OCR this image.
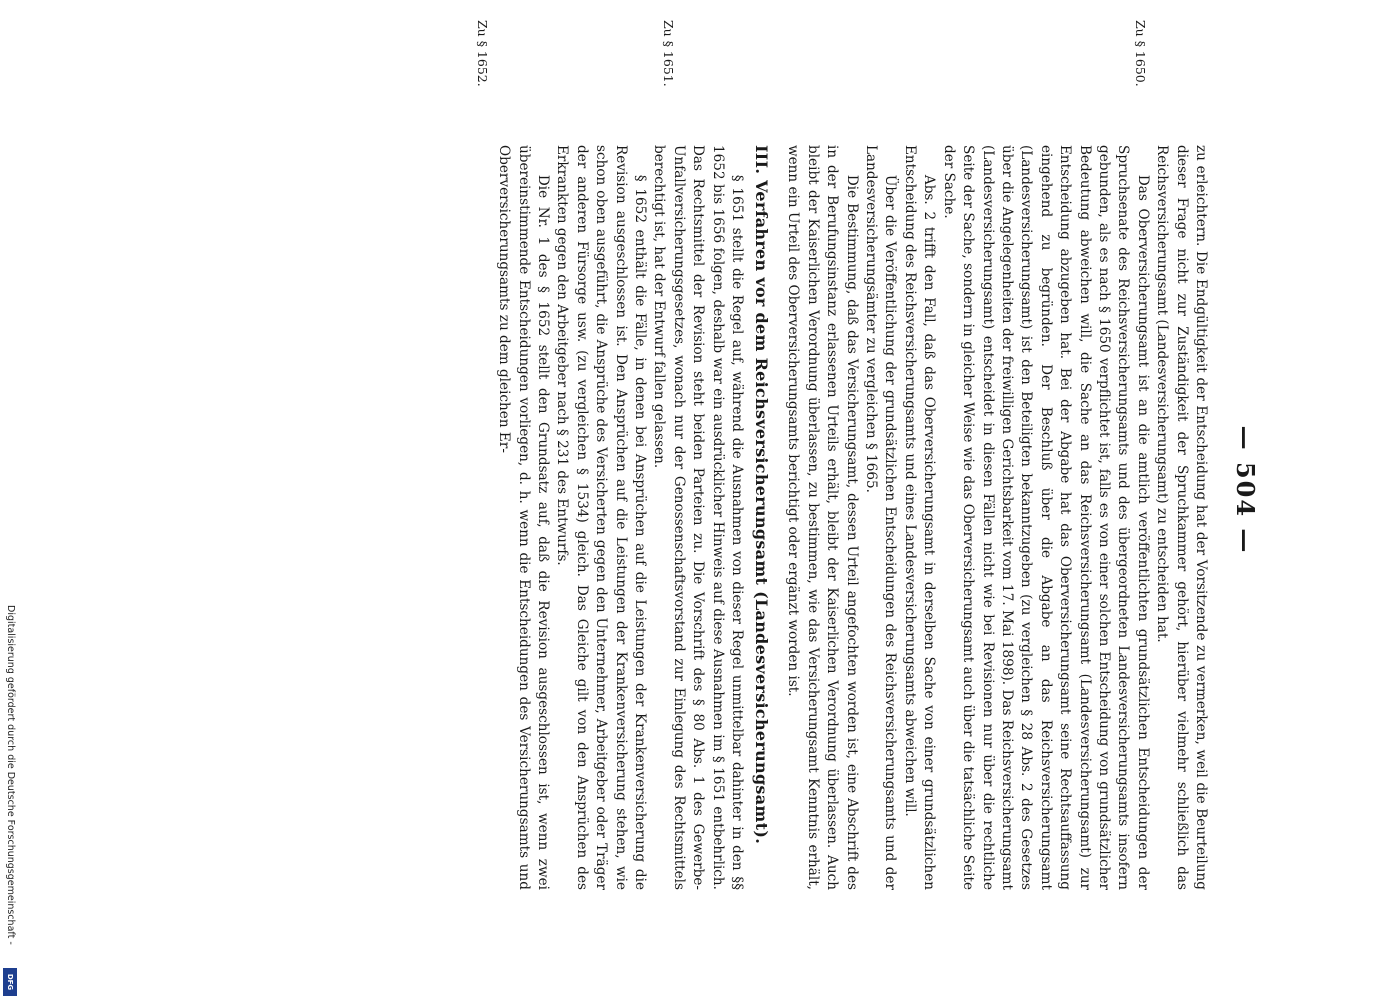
Digitalisierung gefördert durch die Deutsche Forschungsgemeinschaft -
DFG
— 504 —
Zu § 1650.
Zu § 1651.
Zu § 1652.

zu erleichtern. Die Endgültigkeit der Entscheidung hat der Vorsitzende zu vermerken, weil die Beurteilung dieser Frage nicht zur Zuständigkeit der Spruchkammer gehört, hierüber vielmehr schließlich das Reichsversicherungsamt (Landesversicherungsamt) zu entscheiden hat.

Das Oberversicherungsamt ist an die amtlich veröffentlichten grundsätzlichen Entscheidungen der Spruchsenate des Reichsversicherungsamts und des übergeordneten Landesversicherungsamts insofern gebunden, als es nach § 1650 verpflichtet ist, falls es von einer solchen Entscheidung von grundsätzlicher Bedeutung abweichen will, die Sache an das Reichsversicherungsamt (Landesversicherungsamt) zur Entscheidung abzugeben hat. Bei der Abgabe hat das Oberversicherungsamt seine Rechtsauffassung eingehend zu begründen. Der Beschluß über die Abgabe an das Reichsversicherungsamt (Landesversicherungsamt) ist den Beteiligten bekanntzugeben (zu vergleichen § 28 Abs. 2 des Gesetzes über die Angelegenheiten der freiwilligen Gerichtsbarkeit vom 17. Mai 1898). Das Reichsversicherungsamt (Landesversicherungsamt) entscheidet in diesen Fällen nicht wie bei Revisionen nur über die rechtliche Seite der Sache, sondern in gleicher Weise wie das Oberversicherungsamt auch über die tatsächliche Seite der Sache.

Abs. 2 trifft den Fall, daß das Oberversicherungsamt in derselben Sache von einer grundsätzlichen Entscheidung des Reichsversicherungsamts und eines Landesversicherungsamts abweichen will.

Über die Veröffentlichung der grundsätzlichen Entscheidungen des Reichsversicherungsamts und der Landesversicherungsämter zu vergleichen § 1665.

Die Bestimmung, daß das Versicherungsamt, dessen Urteil angefochten worden ist, eine Abschrift des in der Berufungsinstanz erlassenen Urteils erhält, bleibt der Kaiserlichen Verordnung überlassen. Auch bleibt der Kaiserlichen Verordnung überlassen, zu bestimmen, wie das Versicherungsamt Kenntnis erhält, wenn ein Urteil des Oberversicherungsamts berichtigt oder ergänzt worden ist.

III. Verfahren vor dem Reichsversicherungsamt (Landesversicherungsamt).

§ 1651 stellt die Regel auf, während die Ausnahmen von dieser Regel unmittelbar dahinter in den §§ 1652 bis 1656 folgen, deshalb war ein ausdrücklicher Hinweis auf diese Ausnahmen im § 1651 entbehrlich. Das Rechtsmittel der Revision steht beiden Parteien zu. Die Vorschrift des § 80 Abs. 1 des Gewerbe-Unfallversicherungsgesetzes, wonach nur der Genossenschaftsvorstand zur Einlegung des Rechtsmittels berechtigt ist, hat der Entwurf fallen gelassen.

§ 1652 enthält die Fälle, in denen bei Ansprüchen auf die Leistungen der Krankenversicherung die Revision ausgeschlossen ist. Den Ansprüchen auf die Leistungen der Krankenversicherung stehen, wie schon oben ausgeführt, die Ansprüche des Versicherten gegen den Unternehmer, Arbeitgeber oder Träger der anderen Fürsorge usw. (zu vergleichen § 1534) gleich. Das Gleiche gilt von den Ansprüchen des Erkrankten gegen den Arbeitgeber nach § 231 des Entwurfs.

Die Nr. 1 des § 1652 stellt den Grundsatz auf, daß die Revision ausgeschlossen ist, wenn zwei übereinstimmende Entscheidungen vorliegen, d. h. wenn die Entscheidungen des Versicherungsamts und Oberversicherungsamts zu dem gleichen Er-
